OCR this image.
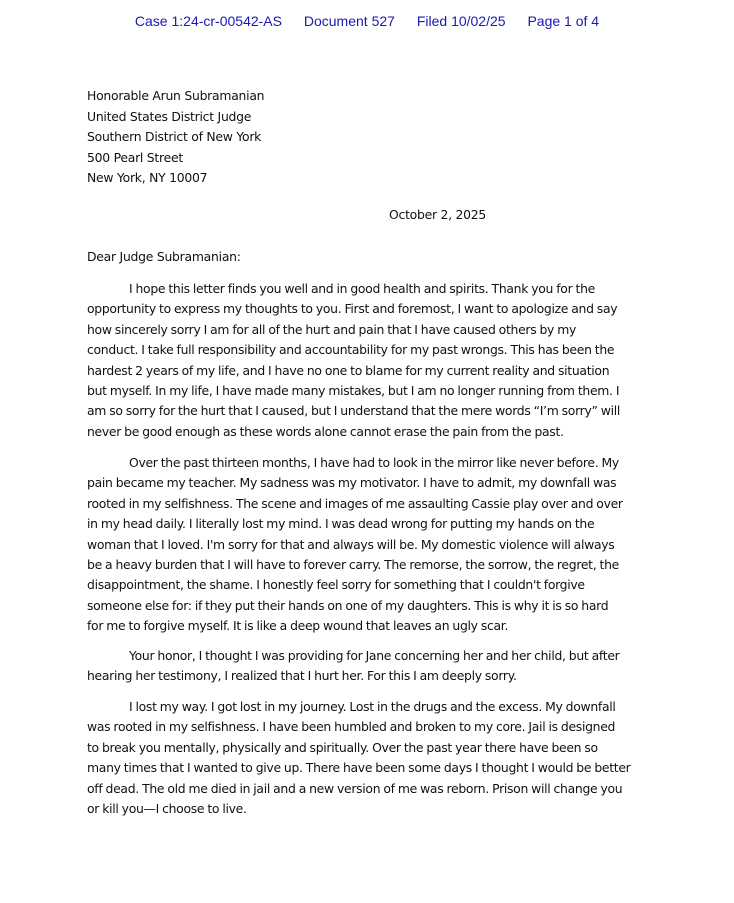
Case 1:24-cr-00542-AS Document 527 Filed 10/02/25 Page 1 of 4
Honorable Arun Subramanian
United States District Judge
Southern District of New York
500 Pearl Street
New York, NY 10007
October 2, 2025
Dear Judge Subramanian:
I hope this letter finds you well and in good health and spirits. Thank you for the
opportunity to express my thoughts to you. First and foremost, I want to apologize and say
how sincerely sorry I am for all of the hurt and pain that I have caused others by my
conduct. I take full responsibility and accountability for my past wrongs. This has been the
hardest 2 years of my life, and I have no one to blame for my current reality and situation
but myself. In my life, I have made many mistakes, but I am no longer running from them. I
am so sorry for the hurt that I caused, but I understand that the mere words “I’m sorry” will
never be good enough as these words alone cannot erase the pain from the past.
Over the past thirteen months, I have had to look in the mirror like never before. My
pain became my teacher. My sadness was my motivator. I have to admit, my downfall was
rooted in my selfishness. The scene and images of me assaulting Cassie play over and over
in my head daily. I literally lost my mind. I was dead wrong for putting my hands on the
woman that I loved. I'm sorry for that and always will be. My domestic violence will always
be a heavy burden that I will have to forever carry. The remorse, the sorrow, the regret, the
disappointment, the shame. I honestly feel sorry for something that I couldn't forgive
someone else for: if they put their hands on one of my daughters. This is why it is so hard
for me to forgive myself. It is like a deep wound that leaves an ugly scar.
Your honor, I thought I was providing for Jane concerning her and her child, but after
hearing her testimony, I realized that I hurt her. For this I am deeply sorry.
I lost my way. I got lost in my journey. Lost in the drugs and the excess. My downfall
was rooted in my selfishness. I have been humbled and broken to my core. Jail is designed
to break you mentally, physically and spiritually. Over the past year there have been so
many times that I wanted to give up. There have been some days I thought I would be better
off dead. The old me died in jail and a new version of me was reborn. Prison will change you
or kill you—I choose to live.
